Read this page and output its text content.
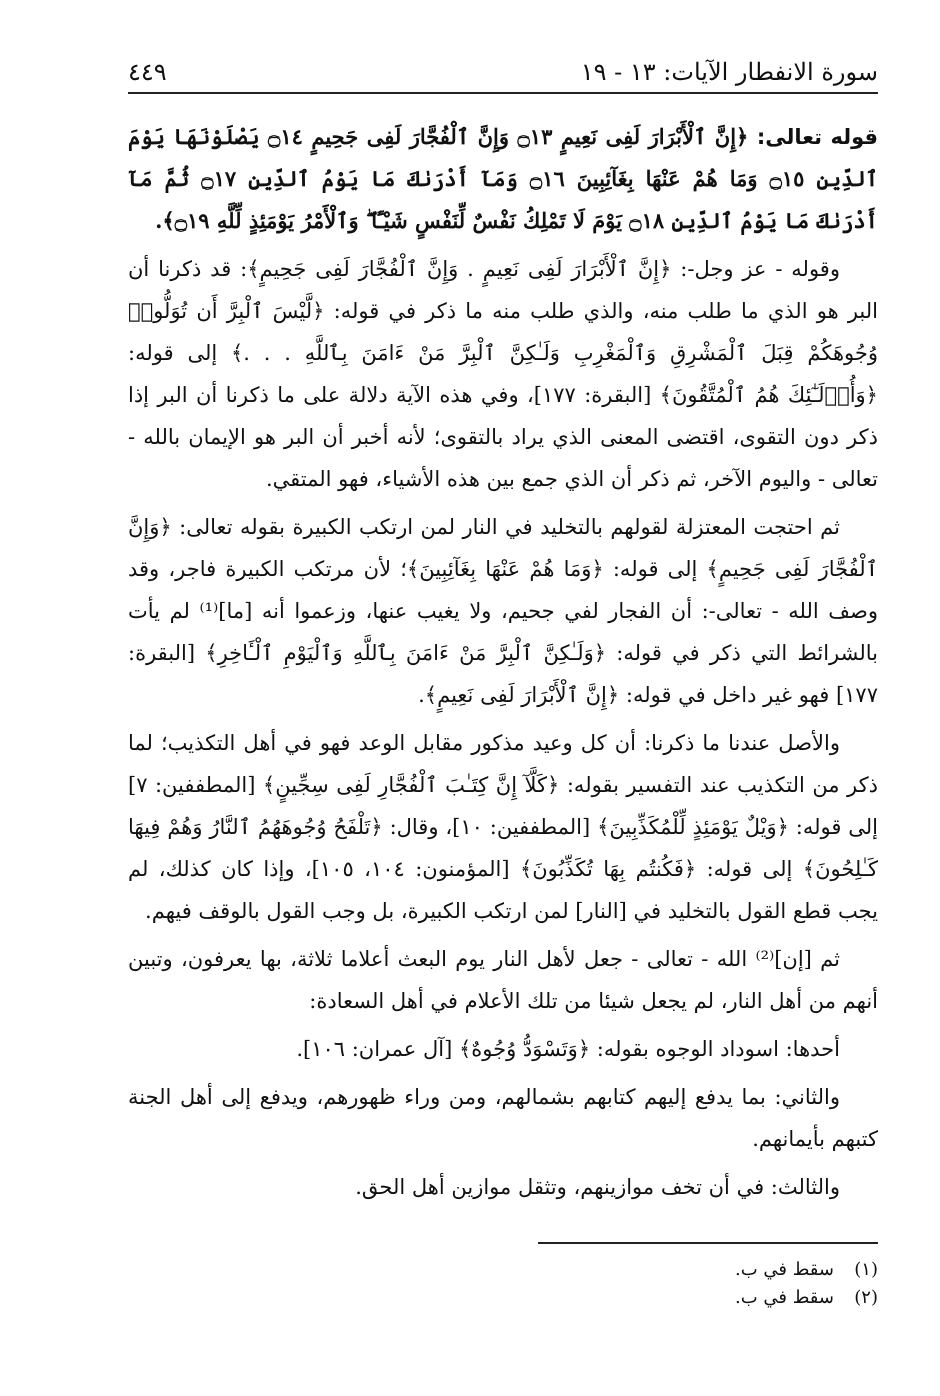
سورة الانفطار الآيات: ١٣ - ١٩
٤٤٩

قوله تعالى: ﴿إِنَّ ٱلْأَبْرَارَ لَفِى نَعِيمٍ ۝١٣ وَإِنَّ ٱلْفُجَّارَ لَفِى جَحِيمٍ ۝١٤ يَصْلَوْنَهَا يَوْمَ ٱلدِّينِ ۝١٥ وَمَا هُمْ عَنْهَا بِغَآئِبِينَ ۝١٦ وَمَآ أَدْرَىٰكَ مَا يَوْمُ ٱلدِّينِ ۝١٧ ثُمَّ مَآ أَدْرَىٰكَ مَا يَوْمُ ٱلدِّينِ ۝١٨ يَوْمَ لَا تَمْلِكُ نَفْسٌ لِّنَفْسٍ شَيْـًٔا ۖ وَٱلْأَمْرُ يَوْمَئِذٍ لِّلَّهِ ۝١٩﴾.

وقوله - عز وجل-: ﴿إِنَّ ٱلْأَبْرَارَ لَفِى نَعِيمٍ . وَإِنَّ ٱلْفُجَّارَ لَفِى جَحِيمٍ﴾: قد ذكرنا أن البر هو الذي ما طلب منه، والذي طلب منه ما ذكر في قوله: ﴿لَّيْسَ ٱلْبِرَّ أَن تُوَلُّوا۟ وُجُوهَكُمْ قِبَلَ ٱلْمَشْرِقِ وَٱلْمَغْرِبِ وَلَـٰكِنَّ ٱلْبِرَّ مَنْ ءَامَنَ بِٱللَّهِ . . .﴾ إلى قوله: ﴿وَأُو۟لَـٰٓئِكَ هُمُ ٱلْمُتَّقُونَ﴾ [البقرة: ١٧٧]، وفي هذه الآية دلالة على ما ذكرنا أن البر إذا ذكر دون التقوى، اقتضى المعنى الذي يراد بالتقوى؛ لأنه أخبر أن البر هو الإيمان بالله - تعالى - واليوم الآخر، ثم ذكر أن الذي جمع بين هذه الأشياء، فهو المتقي.

ثم احتجت المعتزلة لقولهم بالتخليد في النار لمن ارتكب الكبيرة بقوله تعالى: ﴿وَإِنَّ ٱلْفُجَّارَ لَفِى جَحِيمٍ﴾ إلى قوله: ﴿وَمَا هُمْ عَنْهَا بِغَآئِبِينَ﴾؛ لأن مرتكب الكبيرة فاجر، وقد وصف الله - تعالى-: أن الفجار لفي جحيم، ولا يغيب عنها، وزعموا أنه [ما]⁽¹⁾ لم يأت بالشرائط التي ذكر في قوله: ﴿وَلَـٰكِنَّ ٱلْبِرَّ مَنْ ءَامَنَ بِٱللَّهِ وَٱلْيَوْمِ ٱلْـَٔاخِرِ﴾ [البقرة: ١٧٧] فهو غير داخل في قوله: ﴿إِنَّ ٱلْأَبْرَارَ لَفِى نَعِيمٍ﴾.

والأصل عندنا ما ذكرنا: أن كل وعيد مذكور مقابل الوعد فهو في أهل التكذيب؛ لما ذكر من التكذيب عند التفسير بقوله: ﴿كَلَّآ إِنَّ كِتَـٰبَ ٱلْفُجَّارِ لَفِى سِجِّينٍ﴾ [المطففين: ٧] إلى قوله: ﴿وَيْلٌ يَوْمَئِذٍ لِّلْمُكَذِّبِينَ﴾ [المطففين: ١٠]، وقال: ﴿تَلْفَحُ وُجُوهَهُمُ ٱلنَّارُ وَهُمْ فِيهَا كَـٰلِحُونَ﴾ إلى قوله: ﴿فَكُنتُم بِهَا تُكَذِّبُونَ﴾ [المؤمنون: ١٠٤، ١٠٥]، وإذا كان كذلك، لم يجب قطع القول بالتخليد في [النار] لمن ارتكب الكبيرة، بل وجب القول بالوقف فيهم.

ثم [إن]⁽²⁾ الله - تعالى - جعل لأهل النار يوم البعث أعلاما ثلاثة، بها يعرفون، وتبين أنهم من أهل النار، لم يجعل شيئا من تلك الأعلام في أهل السعادة:

أحدها: اسوداد الوجوه بقوله: ﴿وَتَسْوَدُّ وُجُوهٌ﴾ [آل عمران: ١٠٦].

والثاني: بما يدفع إليهم كتابهم بشمالهم، ومن وراء ظهورهم، ويدفع إلى أهل الجنة كتبهم بأيمانهم.

والثالث: في أن تخف موازينهم، وتثقل موازين أهل الحق.

(١)سقط في ب.
(٢)سقط في ب.
